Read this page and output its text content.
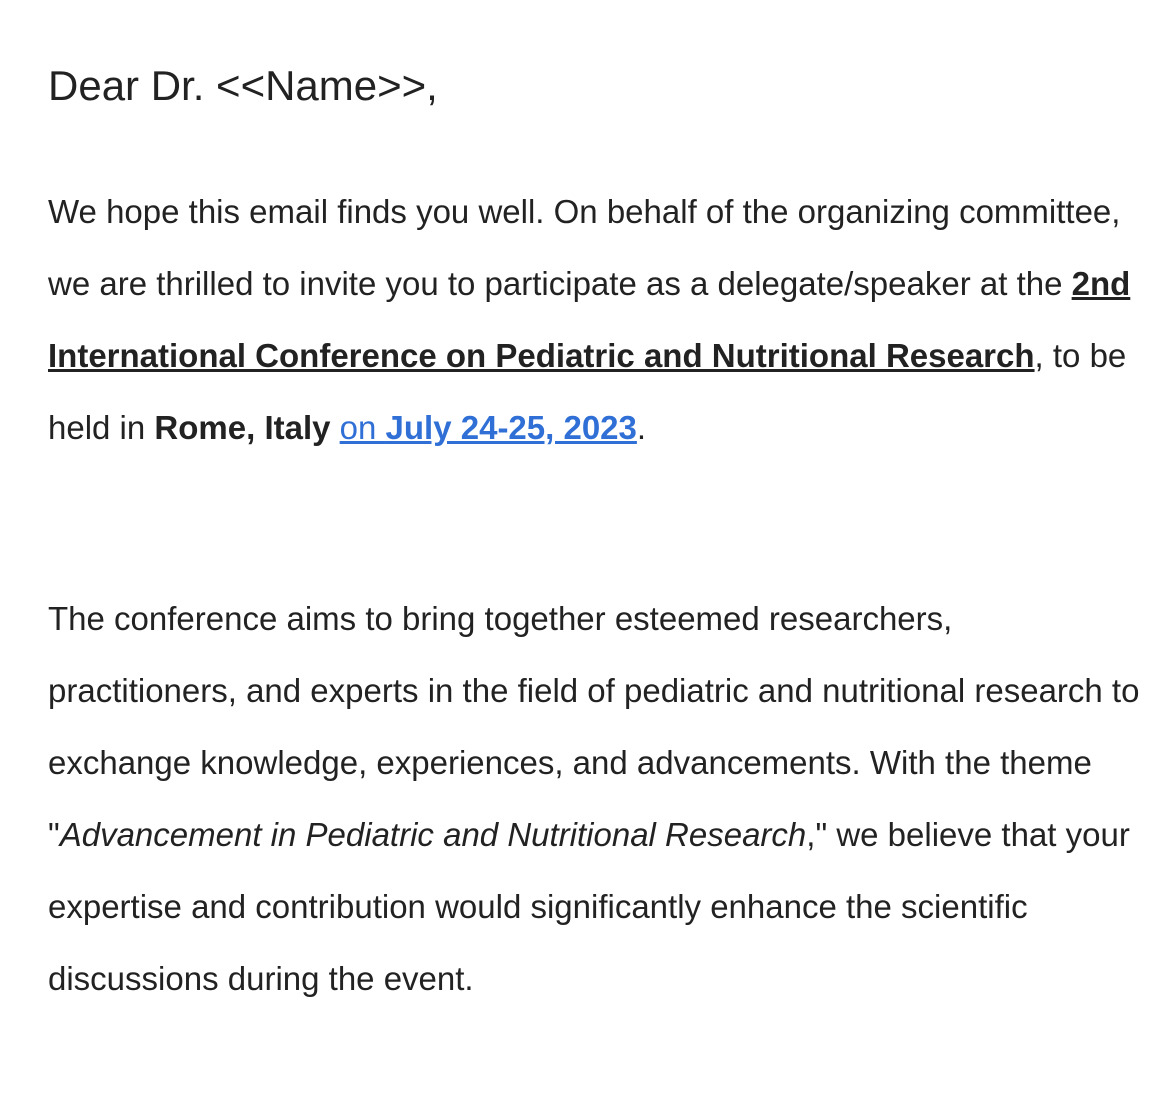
Dear Dr. <<Name>>,

We hope this email finds you well. On behalf of the organizing committee, we are thrilled to invite you to participate as a delegate/speaker at the 2nd International Conference on Pediatric and Nutritional Research, to be held in Rome, Italy on July 24-25, 2023.

The conference aims to bring together esteemed researchers, practitioners, and experts in the field of pediatric and nutritional research to exchange knowledge, experiences, and advancements. With the theme "Advancement in Pediatric and Nutritional Research," we believe that your expertise and contribution would significantly enhance the scientific discussions during the event.
